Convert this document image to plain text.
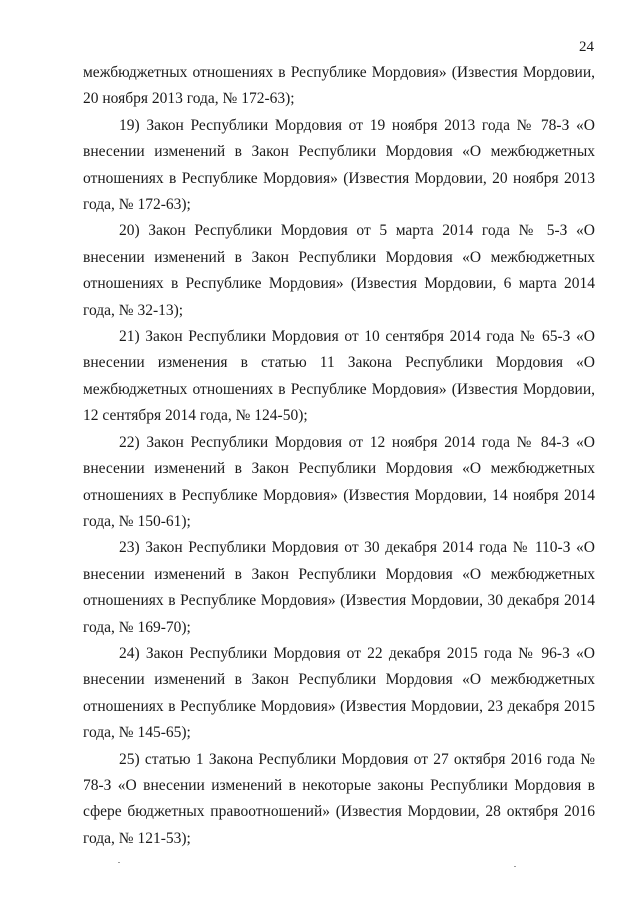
24

межбюджетных отношениях в Республике Мордовия» (Известия Мордовии, 20 ноября 2013 года, № 172-63);

19) Закон Республики Мордовия от 19 ноября 2013 года № 78-З «О внесении изменений в Закон Республики Мордовия «О межбюджетных отношениях в Республике Мордовия» (Известия Мордовии, 20 ноября 2013 года, № 172-63);

20) Закон Республики Мордовия от 5 марта 2014 года № 5-З «О внесении изменений в Закон Республики Мордовия «О межбюджетных отношениях в Республике Мордовия» (Известия Мордовии, 6 марта 2014 года, № 32-13);

21) Закон Республики Мордовия от 10 сентября 2014 года № 65-З «О внесении изменения в статью 11 Закона Республики Мордовия «О межбюджетных отношениях в Республике Мордовия» (Известия Мордовии, 12 сентября 2014 года, № 124-50);

22) Закон Республики Мордовия от 12 ноября 2014 года № 84-З «О внесении изменений в Закон Республики Мордовия «О межбюджетных отношениях в Республике Мордовия» (Известия Мордовии, 14 ноября 2014 года, № 150-61);

23) Закон Республики Мордовия от 30 декабря 2014 года № 110-З «О внесении изменений в Закон Республики Мордовия «О межбюджетных отношениях в Республике Мордовия» (Известия Мордовии, 30 декабря 2014 года, № 169-70);

24) Закон Республики Мордовия от 22 декабря 2015 года № 96-З «О внесении изменений в Закон Республики Мордовия «О межбюджетных отношениях в Республике Мордовия» (Известия Мордовии, 23 декабря 2015 года, № 145-65);

25) статью 1 Закона Республики Мордовия от 27 октября 2016 года № 78-З «О внесении изменений в некоторые законы Республики Мордовия в сфере бюджетных правоотношений» (Известия Мордовии, 28 октября 2016 года, № 121-53);
